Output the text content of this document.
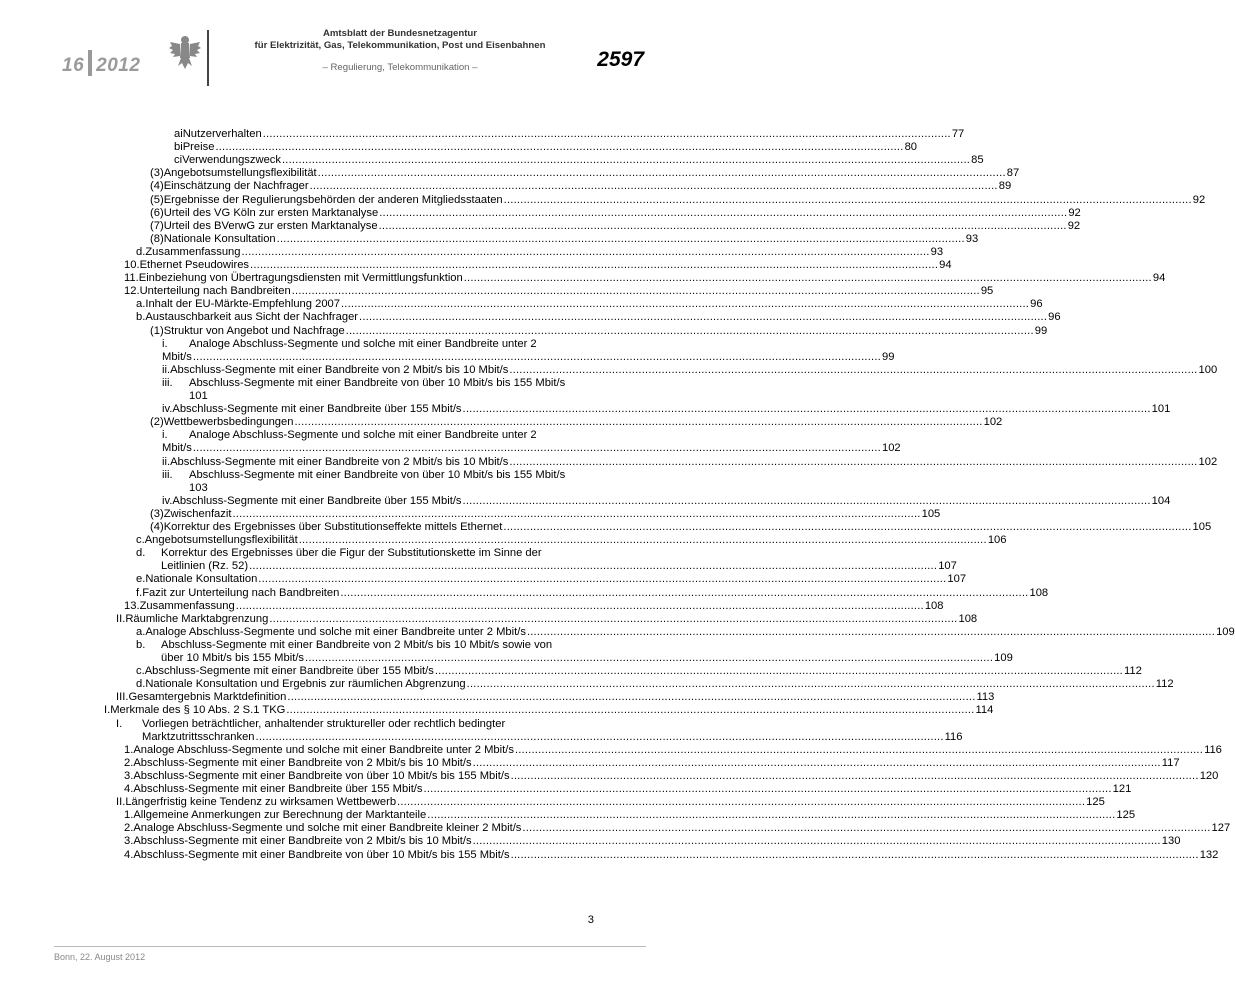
16 2012
Amtsblatt der Bundesnetzagentur
für Elektrizität, Gas, Telekommunikation, Post und Eisenbahnen
– Regulierung, Telekommunikation –	2597
ai Nutzerverhalten .....	77
bi Preise .....	80
ci Verwendungszweck .....	85
(3) Angebotsumstellungsflexibilität .....	87
(4) Einschätzung der Nachfrager .....	89
(5) Ergebnisse der Regulierungsbehörden der anderen Mitgliedsstaaten .....	92
(6) Urteil des VG Köln zur ersten Marktanalyse .....	92
(7) Urteil des BVerwG zur ersten Marktanalyse .....	92
(8) Nationale Konsultation .....	93
d. Zusammenfassung .....	93
10. Ethernet Pseudowires .....	94
11. Einbeziehung von Übertragungsdiensten mit Vermittlungsfunktion .....	94
12. Unterteilung nach Bandbreiten .....	95
a. Inhalt der EU-Märkte-Empfehlung 2007 .....	96
b. Austauschbarkeit aus Sicht der Nachfrager .....	96
(1) Struktur von Angebot und Nachfrage .....	99
i.	Analoge Abschluss-Segmente und solche mit einer Bandbreite unter 2
Mbit/s .....	99
ii. Abschluss-Segmente mit einer Bandbreite von 2 Mbit/s bis 10 Mbit/s .....	100
iii.	Abschluss-Segmente mit einer Bandbreite von über 10 Mbit/s bis 155 Mbit/s
101
iv. Abschluss-Segmente mit einer Bandbreite über 155 Mbit/s .....	101
(2) Wettbewerbsbedingungen .....	102
i.	Analoge Abschluss-Segmente und solche mit einer Bandbreite unter 2
Mbit/s .....	102
ii. Abschluss-Segmente mit einer Bandbreite von 2 Mbit/s bis 10 Mbit/s .....	102
iii.	Abschluss-Segmente mit einer Bandbreite von über 10 Mbit/s bis 155 Mbit/s
103
iv. Abschluss-Segmente mit einer Bandbreite über 155 Mbit/s .....	104
(3) Zwischenfazit .....	105
(4) Korrektur des Ergebnisses über Substitutionseffekte mittels Ethernet .....	105
c. Angebotsumstellungsflexibilität .....	106
d.	Korrektur des Ergebnisses über die Figur der Substitutionskette im Sinne der
Leitlinien (Rz. 52) .....	107
e. Nationale Konsultation .....	107
f. Fazit zur Unterteilung nach Bandbreiten .....	108
13. Zusammenfassung .....	108
II. Räumliche Marktabgrenzung .....	108
a. Analoge Abschluss-Segmente und solche mit einer Bandbreite unter 2 Mbit/s .....	109
b.	Abschluss-Segmente mit einer Bandbreite von 2 Mbit/s bis 10 Mbit/s sowie von
über 10 Mbit/s bis 155 Mbit/s .....	109
c. Abschluss-Segmente mit einer Bandbreite über 155 Mbit/s .....	112
d. Nationale Konsultation und Ergebnis zur räumlichen Abgrenzung .....	112
III. Gesamtergebnis Marktdefinition .....	113
I. Merkmale des § 10 Abs. 2 S.1 TKG .....	114
I.	Vorliegen beträchtlicher, anhaltender struktureller oder rechtlich bedingter
Marktzutrittsschranken .....	116
1. Analoge Abschluss-Segmente und solche mit einer Bandbreite unter 2 Mbit/s .....	116
2. Abschluss-Segmente mit einer Bandbreite von 2 Mbit/s bis 10 Mbit/s .....	117
3. Abschluss-Segmente mit einer Bandbreite von über 10 Mbit/s bis 155 Mbit/s .....	120
4. Abschluss-Segmente mit einer Bandbreite über 155 Mbit/s .....	121
II. Längerfristig keine Tendenz zu wirksamen Wettbewerb .....	125
1. Allgemeine Anmerkungen zur Berechnung der Marktanteile .....	125
2. Analoge Abschluss-Segmente und solche mit einer Bandbreite kleiner 2 Mbit/s .....	127
3. Abschluss-Segmente mit einer Bandbreite von 2 Mbit/s bis 10 Mbit/s .....	130
4. Abschluss-Segmente mit einer Bandbreite von über 10 Mbit/s bis 155 Mbit/s .....	132
3
Bonn, 22. August 2012
